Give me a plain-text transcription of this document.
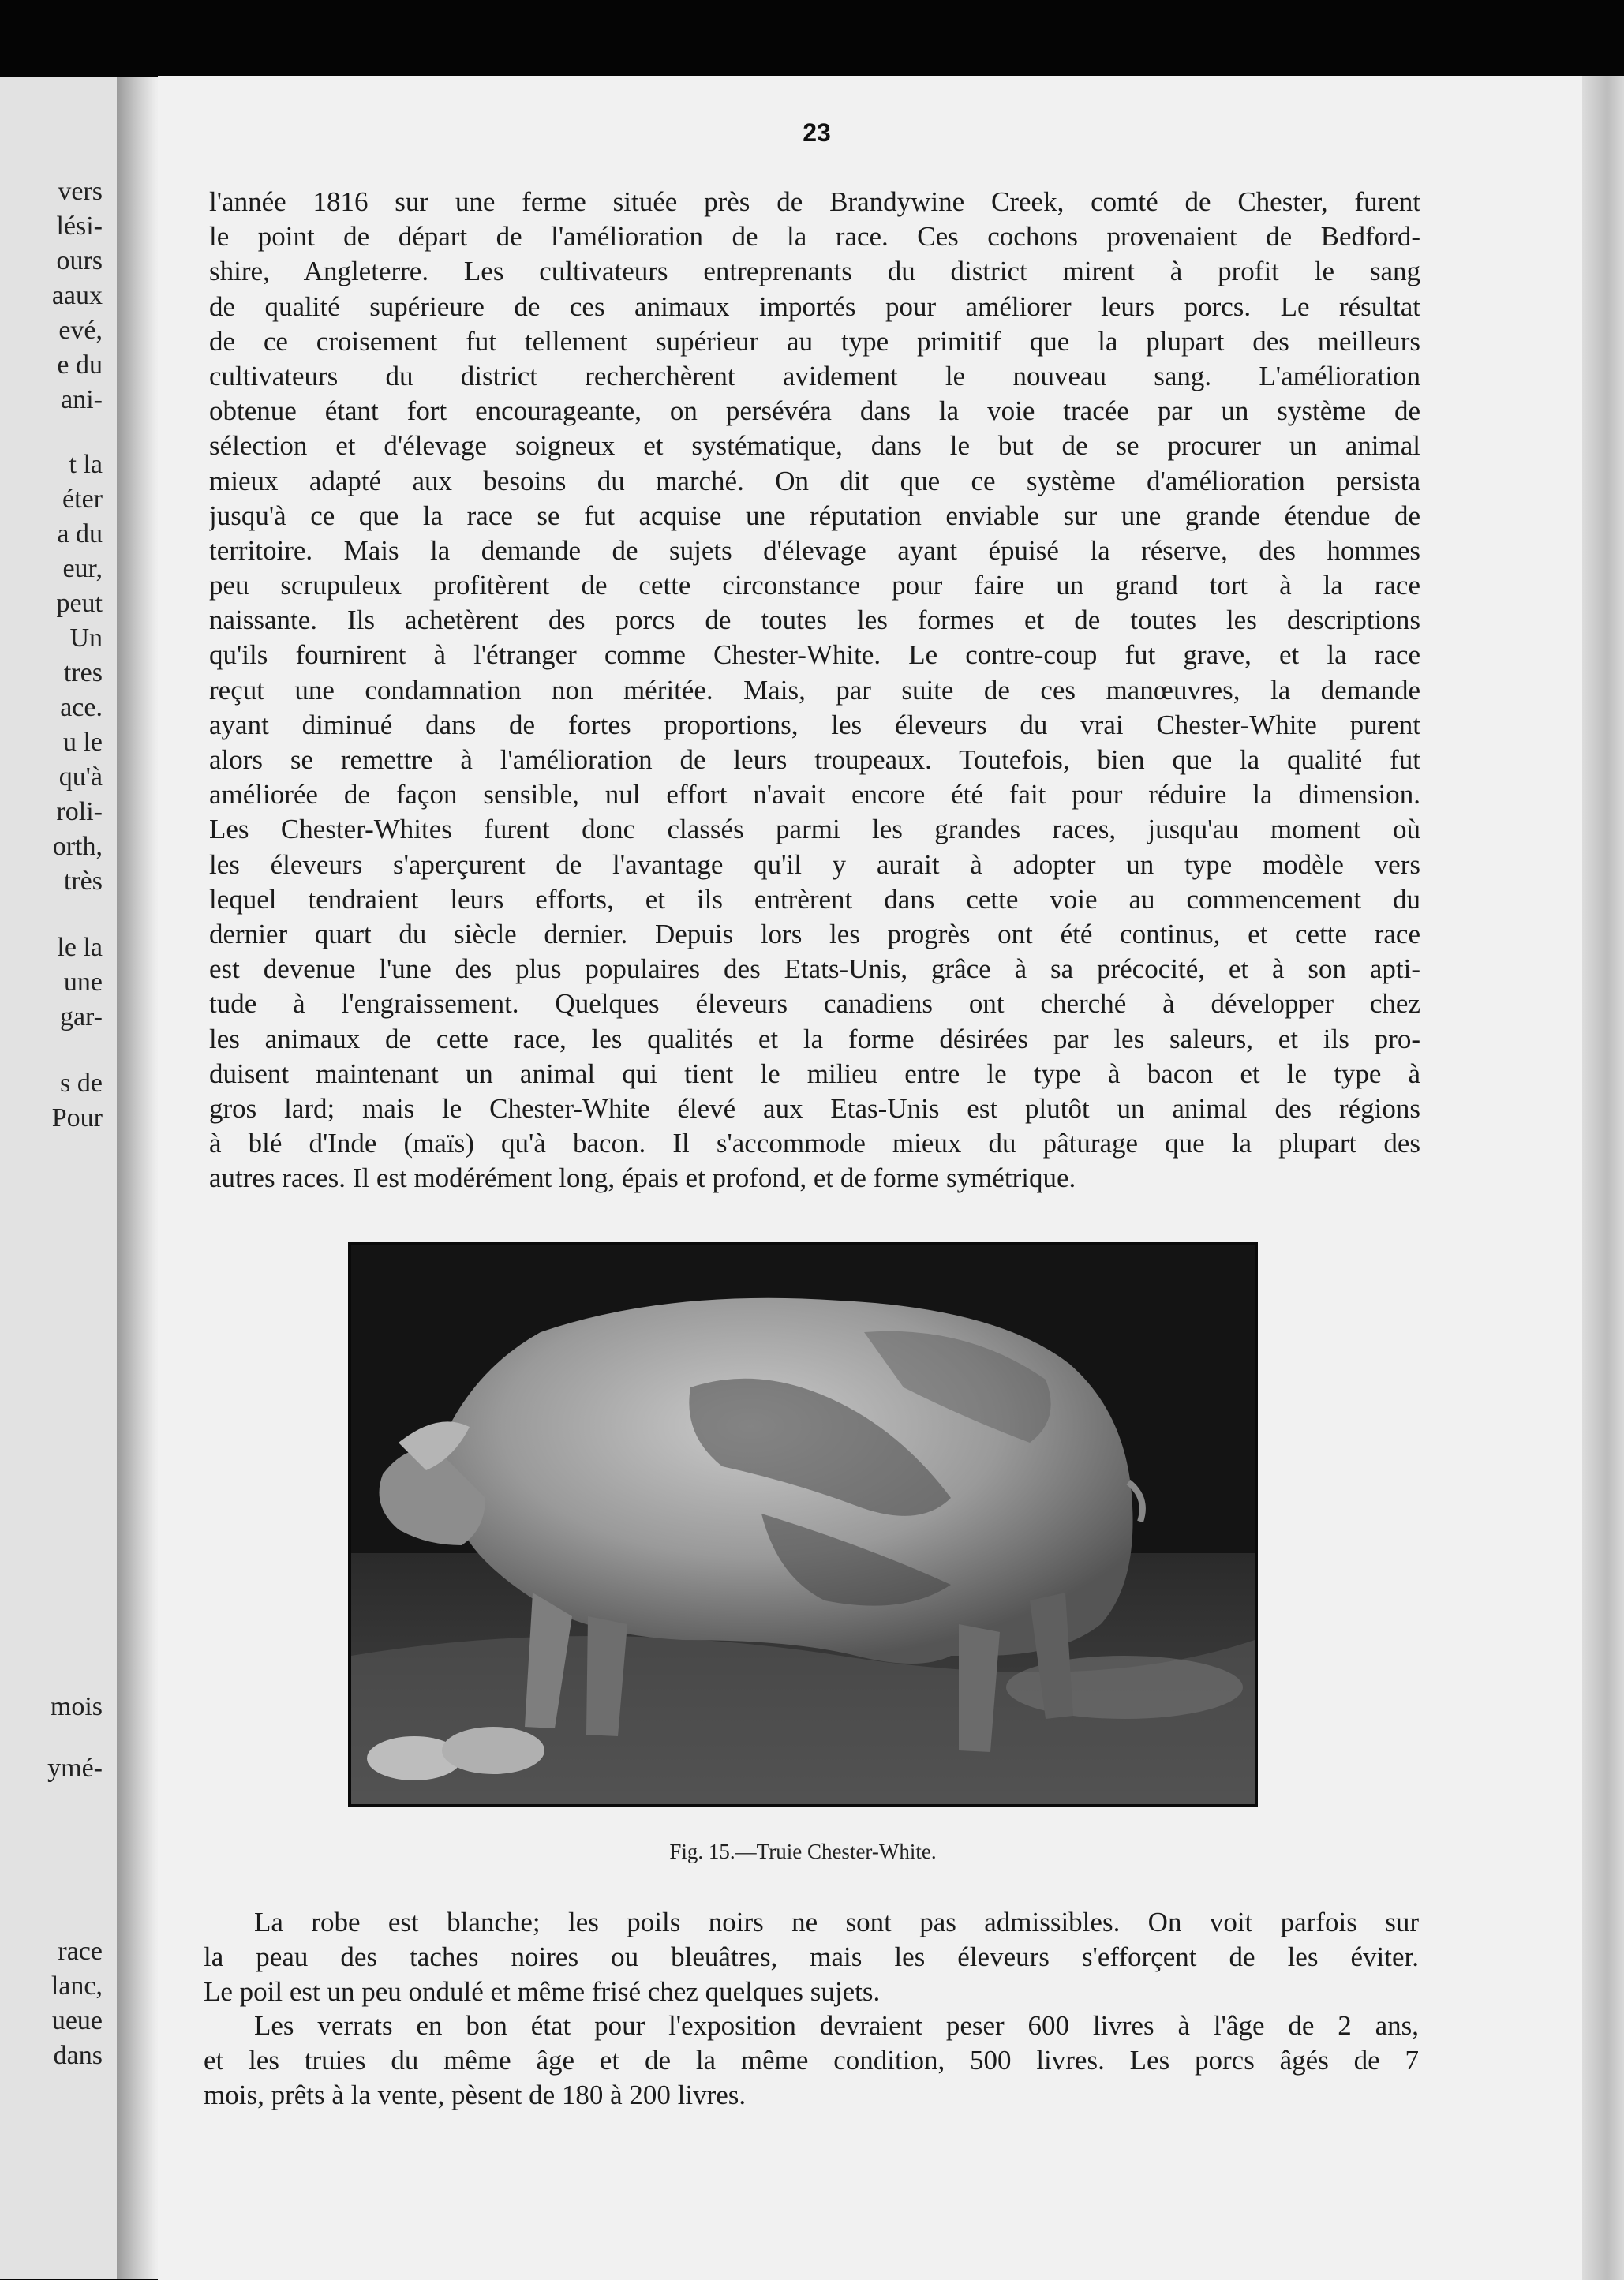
vers
lési-
ours
aaux
evé,
e du
ani-
t la
éter
a du
eur,
peut
Un
tres
ace.
u le
qu'à
roli-
orth,
très
le la
une
gar-
s de
Pour
mois
ymé-
race
lanc,
ueue
dans
23
l'année 1816 sur une ferme située près de Brandywine Creek, comté de Chester, furent
le point de départ de l'amélioration de la race. Ces cochons provenaient de Bedford-
shire, Angleterre. Les cultivateurs entreprenants du district mirent à profit le sang
de qualité supérieure de ces animaux importés pour améliorer leurs porcs. Le résultat
de ce croisement fut tellement supérieur au type primitif que la plupart des meilleurs
cultivateurs du district recherchèrent avidement le nouveau sang. L'amélioration
obtenue étant fort encourageante, on persévéra dans la voie tracée par un système de
sélection et d'élevage soigneux et systématique, dans le but de se procurer un animal
mieux adapté aux besoins du marché. On dit que ce système d'amélioration persista
jusqu'à ce que la race se fut acquise une réputation enviable sur une grande étendue de
territoire. Mais la demande de sujets d'élevage ayant épuisé la réserve, des hommes
peu scrupuleux profitèrent de cette circonstance pour faire un grand tort à la race
naissante. Ils achetèrent des porcs de toutes les formes et de toutes les descriptions
qu'ils fournirent à l'étranger comme Chester-White. Le contre-coup fut grave, et la race
reçut une condamnation non méritée. Mais, par suite de ces manœuvres, la demande
ayant diminué dans de fortes proportions, les éleveurs du vrai Chester-White purent
alors se remettre à l'amélioration de leurs troupeaux. Toutefois, bien que la qualité fut
améliorée de façon sensible, nul effort n'avait encore été fait pour réduire la dimension.
Les Chester-Whites furent donc classés parmi les grandes races, jusqu'au moment où
les éleveurs s'aperçurent de l'avantage qu'il y aurait à adopter un type modèle vers
lequel tendraient leurs efforts, et ils entrèrent dans cette voie au commencement du
dernier quart du siècle dernier. Depuis lors les progrès ont été continus, et cette race
est devenue l'une des plus populaires des Etats-Unis, grâce à sa précocité, et à son apti-
tude à l'engraissement. Quelques éleveurs canadiens ont cherché à développer chez
les animaux de cette race, les qualités et la forme désirées par les saleurs, et ils pro-
duisent maintenant un animal qui tient le milieu entre le type à bacon et le type à
gros lard; mais le Chester-White élevé aux Etas-Unis est plutôt un animal des régions
à blé d'Inde (maïs) qu'à bacon. Il s'accommode mieux du pâturage que la plupart des
autres races. Il est modérément long, épais et profond, et de forme symétrique.
Fig. 15.—Truie Chester-White.
La robe est blanche; les poils noirs ne sont pas admissibles. On voit parfois sur
la peau des taches noires ou bleuâtres, mais les éleveurs s'efforçent de les éviter.
Le poil est un peu ondulé et même frisé chez quelques sujets.
Les verrats en bon état pour l'exposition devraient peser 600 livres à l'âge de 2 ans,
et les truies du même âge et de la même condition, 500 livres. Les porcs âgés de 7
mois, prêts à la vente, pèsent de 180 à 200 livres.
